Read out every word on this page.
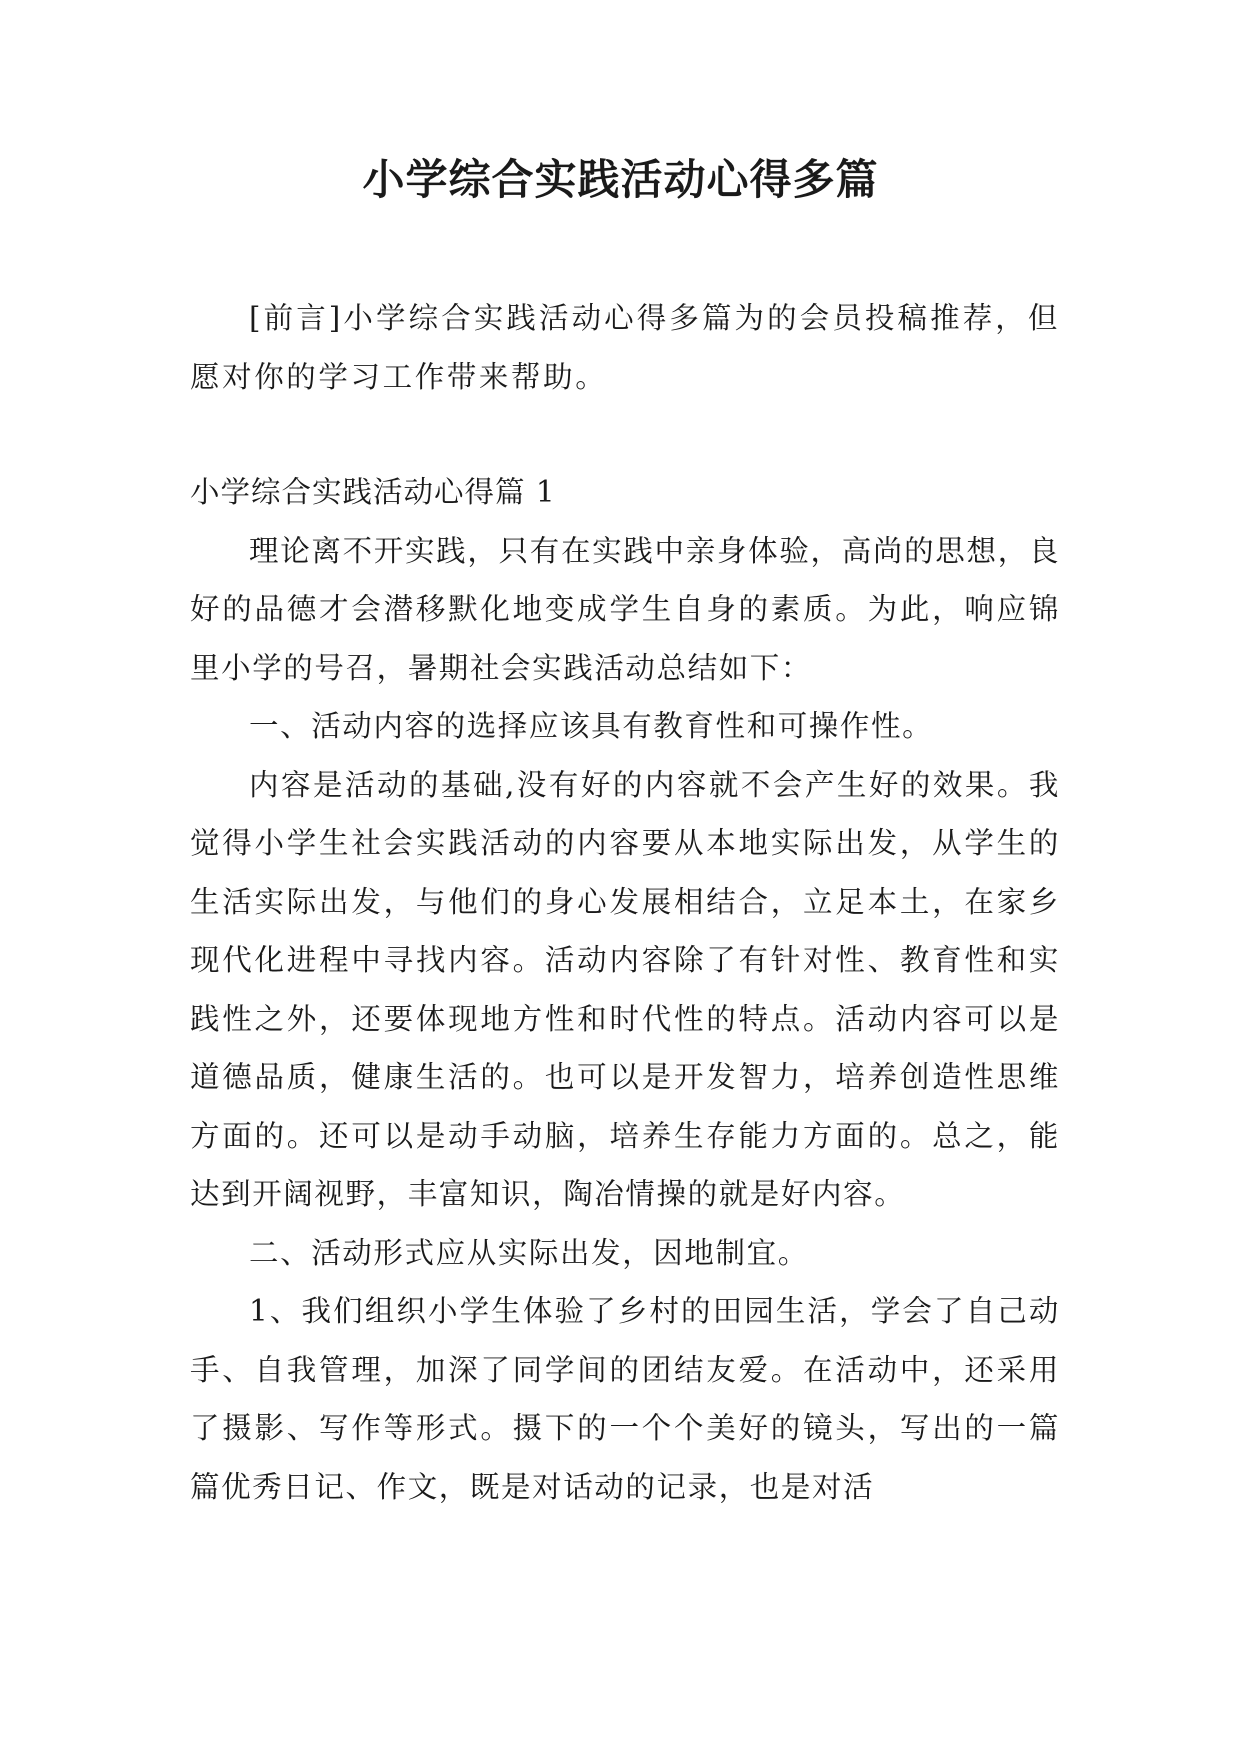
小学综合实践活动心得多篇

[前言]小学综合实践活动心得多篇为的会员投稿推荐，但愿对你的学习工作带来帮助。

小学综合实践活动心得篇 1

理论离不开实践，只有在实践中亲身体验，高尚的思想，良好的品德才会潜移默化地变成学生自身的素质。为此，响应锦里小学的号召，暑期社会实践活动总结如下：

一、活动内容的选择应该具有教育性和可操作性。

内容是活动的基础,没有好的内容就不会产生好的效果。我觉得小学生社会实践活动的内容要从本地实际出发，从学生的生活实际出发，与他们的身心发展相结合，立足本土，在家乡现代化进程中寻找内容。活动内容除了有针对性、教育性和实践性之外，还要体现地方性和时代性的特点。活动内容可以是道德品质，健康生活的。也可以是开发智力，培养创造性思维方面的。还可以是动手动脑，培养生存能力方面的。总之，能达到开阔视野，丰富知识，陶冶情操的就是好内容。

二、活动形式应从实际出发，因地制宜。

1、我们组织小学生体验了乡村的田园生活，学会了自己动手、自我管理，加深了同学间的团结友爱。在活动中，还采用了摄影、写作等形式。摄下的一个个美好的镜头，写出的一篇篇优秀日记、作文，既是对话动的记录，也是对活
